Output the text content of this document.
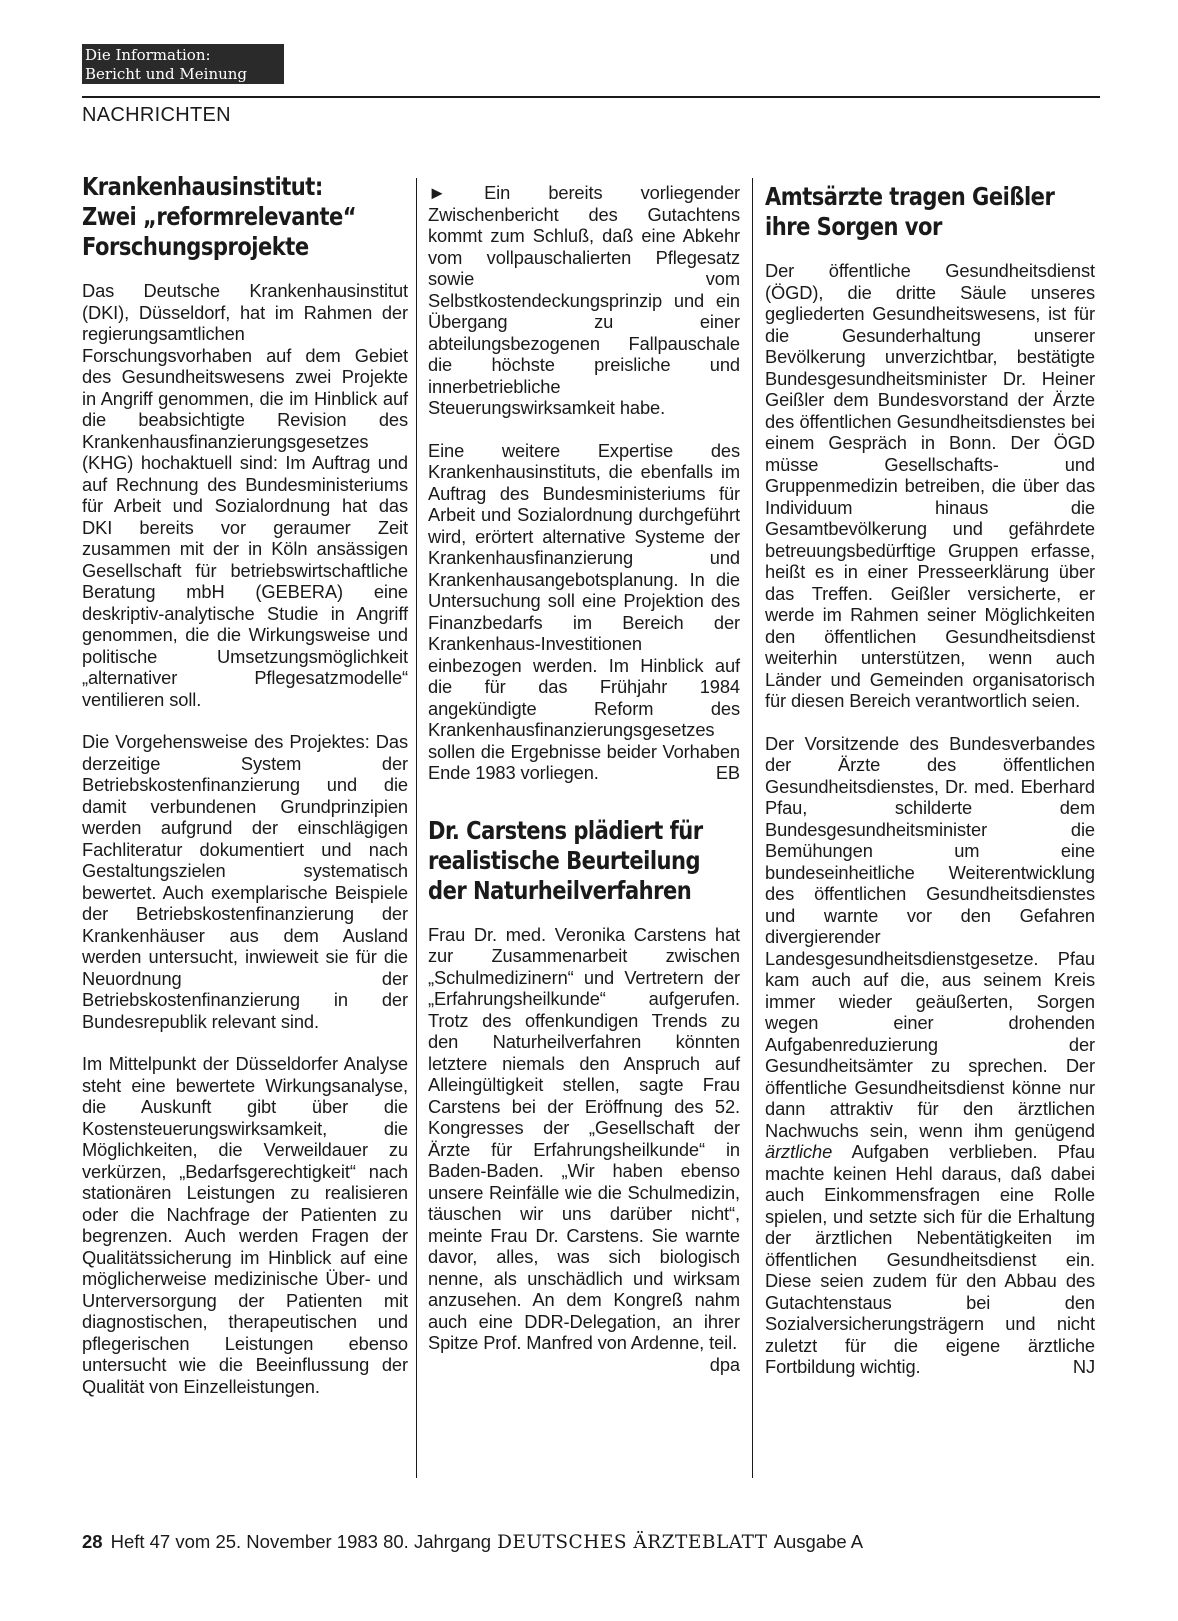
Die Information:
Bericht und Meinung
NACHRICHTEN
Krankenhausinstitut:
Zwei „reformrelevante“
Forschungsprojekte

Das Deutsche Krankenhausinstitut (DKI), Düsseldorf, hat im Rahmen der regierungsamtlichen Forschungsvorhaben auf dem Gebiet des Gesundheitswesens zwei Projekte in Angriff genommen, die im Hinblick auf die beabsichtigte Revision des Krankenhausfinanzierungsgesetzes (KHG) hochaktuell sind: Im Auftrag und auf Rechnung des Bundesministeriums für Arbeit und Sozialordnung hat das DKI bereits vor geraumer Zeit zusammen mit der in Köln ansässigen Gesellschaft für betriebswirtschaftliche Beratung mbH (GEBERA) eine deskriptiv-analytische Studie in Angriff genommen, die die Wirkungsweise und politische Umsetzungsmöglichkeit „alternativer Pflegesatzmodelle“ ventilieren soll.

Die Vorgehensweise des Projektes: Das derzeitige System der Betriebskostenfinanzierung und die damit verbundenen Grundprinzipien werden aufgrund der einschlägigen Fachliteratur dokumentiert und nach Gestaltungszielen systematisch bewertet. Auch exemplarische Beispiele der Betriebskostenfinanzierung der Krankenhäuser aus dem Ausland werden untersucht, inwieweit sie für die Neuordnung der Betriebskostenfinanzierung in der Bundesrepublik relevant sind.

Im Mittelpunkt der Düsseldorfer Analyse steht eine bewertete Wirkungsanalyse, die Auskunft gibt über die Kostensteuerungswirksamkeit, die Möglichkeiten, die Verweildauer zu verkürzen, „Bedarfsgerechtigkeit“ nach stationären Leistungen zu realisieren oder die Nachfrage der Patienten zu begrenzen. Auch werden Fragen der Qualitätssicherung im Hinblick auf eine möglicherweise medizinische Über- und Unterversorgung der Patienten mit diagnostischen, therapeutischen und pflegerischen Leistungen ebenso untersucht wie die Beeinflussung der Qualität von Einzelleistungen.

► Ein bereits vorliegender Zwischenbericht des Gutachtens kommt zum Schluß, daß eine Abkehr vom vollpauschalierten Pflegesatz sowie vom Selbstkostendeckungsprinzip und ein Übergang zu einer abteilungsbezogenen Fallpauschale die höchste preisliche und innerbetriebliche Steuerungswirksamkeit habe.

Eine weitere Expertise des Krankenhausinstituts, die ebenfalls im Auftrag des Bundesministeriums für Arbeit und Sozialordnung durchgeführt wird, erörtert alternative Systeme der Krankenhausfinanzierung und Krankenhausangebotsplanung. In die Untersuchung soll eine Projektion des Finanzbedarfs im Bereich der Krankenhaus-Investitionen einbezogen werden. Im Hinblick auf die für das Frühjahr 1984 angekündigte Reform des Krankenhausfinanzierungsgesetzes sollen die Ergebnisse beider Vorhaben Ende 1983 vorliegen.	EB

Dr. Carstens plädiert für
realistische Beurteilung
der Naturheilverfahren

Frau Dr. med. Veronika Carstens hat zur Zusammenarbeit zwischen „Schulmedizinern“ und Vertretern der „Erfahrungsheilkunde“ aufgerufen. Trotz des offenkundigen Trends zu den Naturheilverfahren könnten letztere niemals den Anspruch auf Alleingültigkeit stellen, sagte Frau Carstens bei der Eröffnung des 52. Kongresses der „Gesellschaft der Ärzte für Erfahrungsheilkunde“ in Baden-Baden. „Wir haben ebenso unsere Reinfälle wie die Schulmedizin, täuschen wir uns darüber nicht“, meinte Frau Dr. Carstens. Sie warnte davor, alles, was sich biologisch nenne, als unschädlich und wirksam anzusehen. An dem Kongreß nahm auch eine DDR-Delegation, an ihrer Spitze Prof. Manfred von Ardenne, teil.
dpa

Amtsärzte tragen Geißler
ihre Sorgen vor

Der öffentliche Gesundheitsdienst (ÖGD), die dritte Säule unseres gegliederten Gesundheitswesens, ist für die Gesunderhaltung unserer Bevölkerung unverzichtbar, bestätigte Bundesgesundheitsminister Dr. Heiner Geißler dem Bundesvorstand der Ärzte des öffentlichen Gesundheitsdienstes bei einem Gespräch in Bonn. Der ÖGD müsse Gesellschafts- und Gruppenmedizin betreiben, die über das Individuum hinaus die Gesamtbevölkerung und gefährdete betreuungsbedürftige Gruppen erfasse, heißt es in einer Presseerklärung über das Treffen. Geißler versicherte, er werde im Rahmen seiner Möglichkeiten den öffentlichen Gesundheitsdienst weiterhin unterstützen, wenn auch Länder und Gemeinden organisatorisch für diesen Bereich verantwortlich seien.

Der Vorsitzende des Bundesverbandes der Ärzte des öffentlichen Gesundheitsdienstes, Dr. med. Eberhard Pfau, schilderte dem Bundesgesundheitsminister die Bemühungen um eine bundeseinheitliche Weiterentwicklung des öffentlichen Gesundheitsdienstes und warnte vor den Gefahren divergierender Landesgesundheitsdienstgesetze. Pfau kam auch auf die, aus seinem Kreis immer wieder geäußerten, Sorgen wegen einer drohenden Aufgabenreduzierung der Gesundheitsämter zu sprechen. Der öffentliche Gesundheitsdienst könne nur dann attraktiv für den ärztlichen Nachwuchs sein, wenn ihm genügend ärztliche Aufgaben verblieben. Pfau machte keinen Hehl daraus, daß dabei auch Einkommensfragen eine Rolle spielen, und setzte sich für die Erhaltung der ärztlichen Nebentätigkeiten im öffentlichen Gesundheitsdienst ein. Diese seien zudem für den Abbau des Gutachtenstaus bei den Sozialversicherungsträgern und nicht zuletzt für die eigene ärztliche Fortbildung wichtig.	NJ

28 Heft 47 vom 25. November 1983 80. Jahrgang DEUTSCHES ÄRZTEBLATT Ausgabe A
